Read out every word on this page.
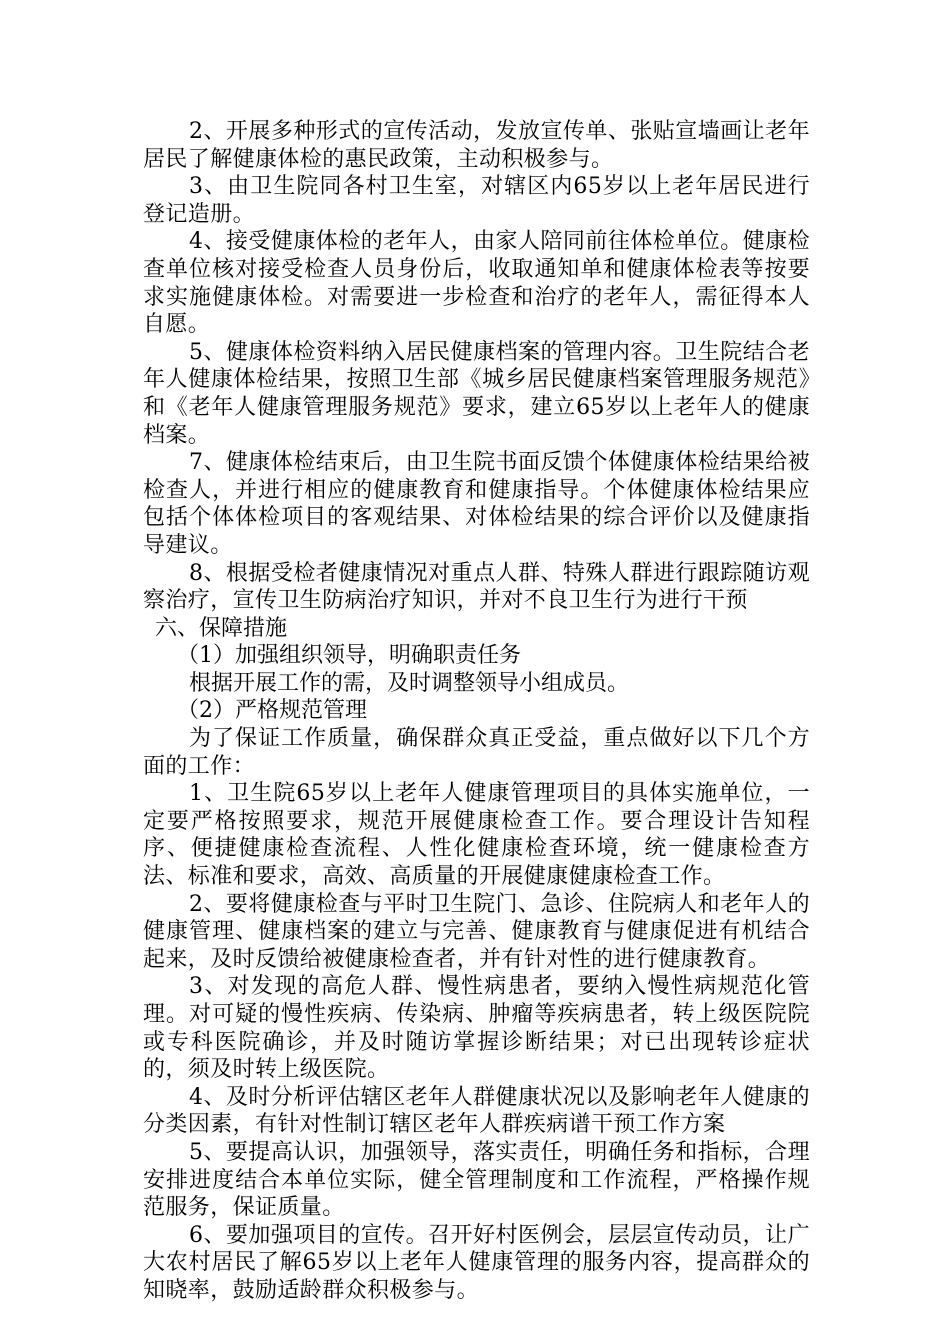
2、开展多种形式的宣传活动，发放宣传单、张贴宣墙画让老年居民了解健康体检的惠民政策，主动积极参与。

3、由卫生院同各村卫生室，对辖区内65岁以上老年居民进行登记造册。

4、接受健康体检的老年人，由家人陪同前往体检单位。健康检查单位核对接受检查人员身份后，收取通知单和健康体检表等按要求实施健康体检。对需要进一步检查和治疗的老年人，需征得本人自愿。

5、健康体检资料纳入居民健康档案的管理内容。卫生院结合老年人健康体检结果，按照卫生部《城乡居民健康档案管理服务规范》和《老年人健康管理服务规范》要求，建立65岁以上老年人的健康档案。

7、健康体检结束后，由卫生院书面反馈个体健康体检结果给被检查人，并进行相应的健康教育和健康指导。个体健康体检结果应包括个体体检项目的客观结果、对体检结果的综合评价以及健康指导建议。

8、根据受检者健康情况对重点人群、特殊人群进行跟踪随访观察治疗，宣传卫生防病治疗知识，并对不良卫生行为进行干预

六、保障措施

（1）加强组织领导，明确职责任务

根据开展工作的需，及时调整领导小组成员。

（2）严格规范管理

为了保证工作质量，确保群众真正受益，重点做好以下几个方面的工作：

1、卫生院65岁以上老年人健康管理项目的具体实施单位，一定要严格按照要求，规范开展健康检查工作。要合理设计告知程序、便捷健康检查流程、人性化健康检查环境，统一健康检查方法、标准和要求，高效、高质量的开展健康健康检查工作。

2、要将健康检查与平时卫生院门、急诊、住院病人和老年人的健康管理、健康档案的建立与完善、健康教育与健康促进有机结合起来，及时反馈给被健康检查者，并有针对性的进行健康教育。

3、对发现的高危人群、慢性病患者，要纳入慢性病规范化管理。对可疑的慢性疾病、传染病、肿瘤等疾病患者，转上级医院院或专科医院确诊，并及时随访掌握诊断结果；对已出现转诊症状的，须及时转上级医院。

4、及时分析评估辖区老年人群健康状况以及影响老年人健康的分类因素，有针对性制订辖区老年人群疾病谱干预工作方案

5、要提高认识，加强领导，落实责任，明确任务和指标，合理安排进度结合本单位实际，健全管理制度和工作流程，严格操作规范服务，保证质量。

6、要加强项目的宣传。召开好村医例会，层层宣传动员，让广大农村居民了解65岁以上老年人健康管理的服务内容，提高群众的知晓率，鼓励适龄群众积极参与。
